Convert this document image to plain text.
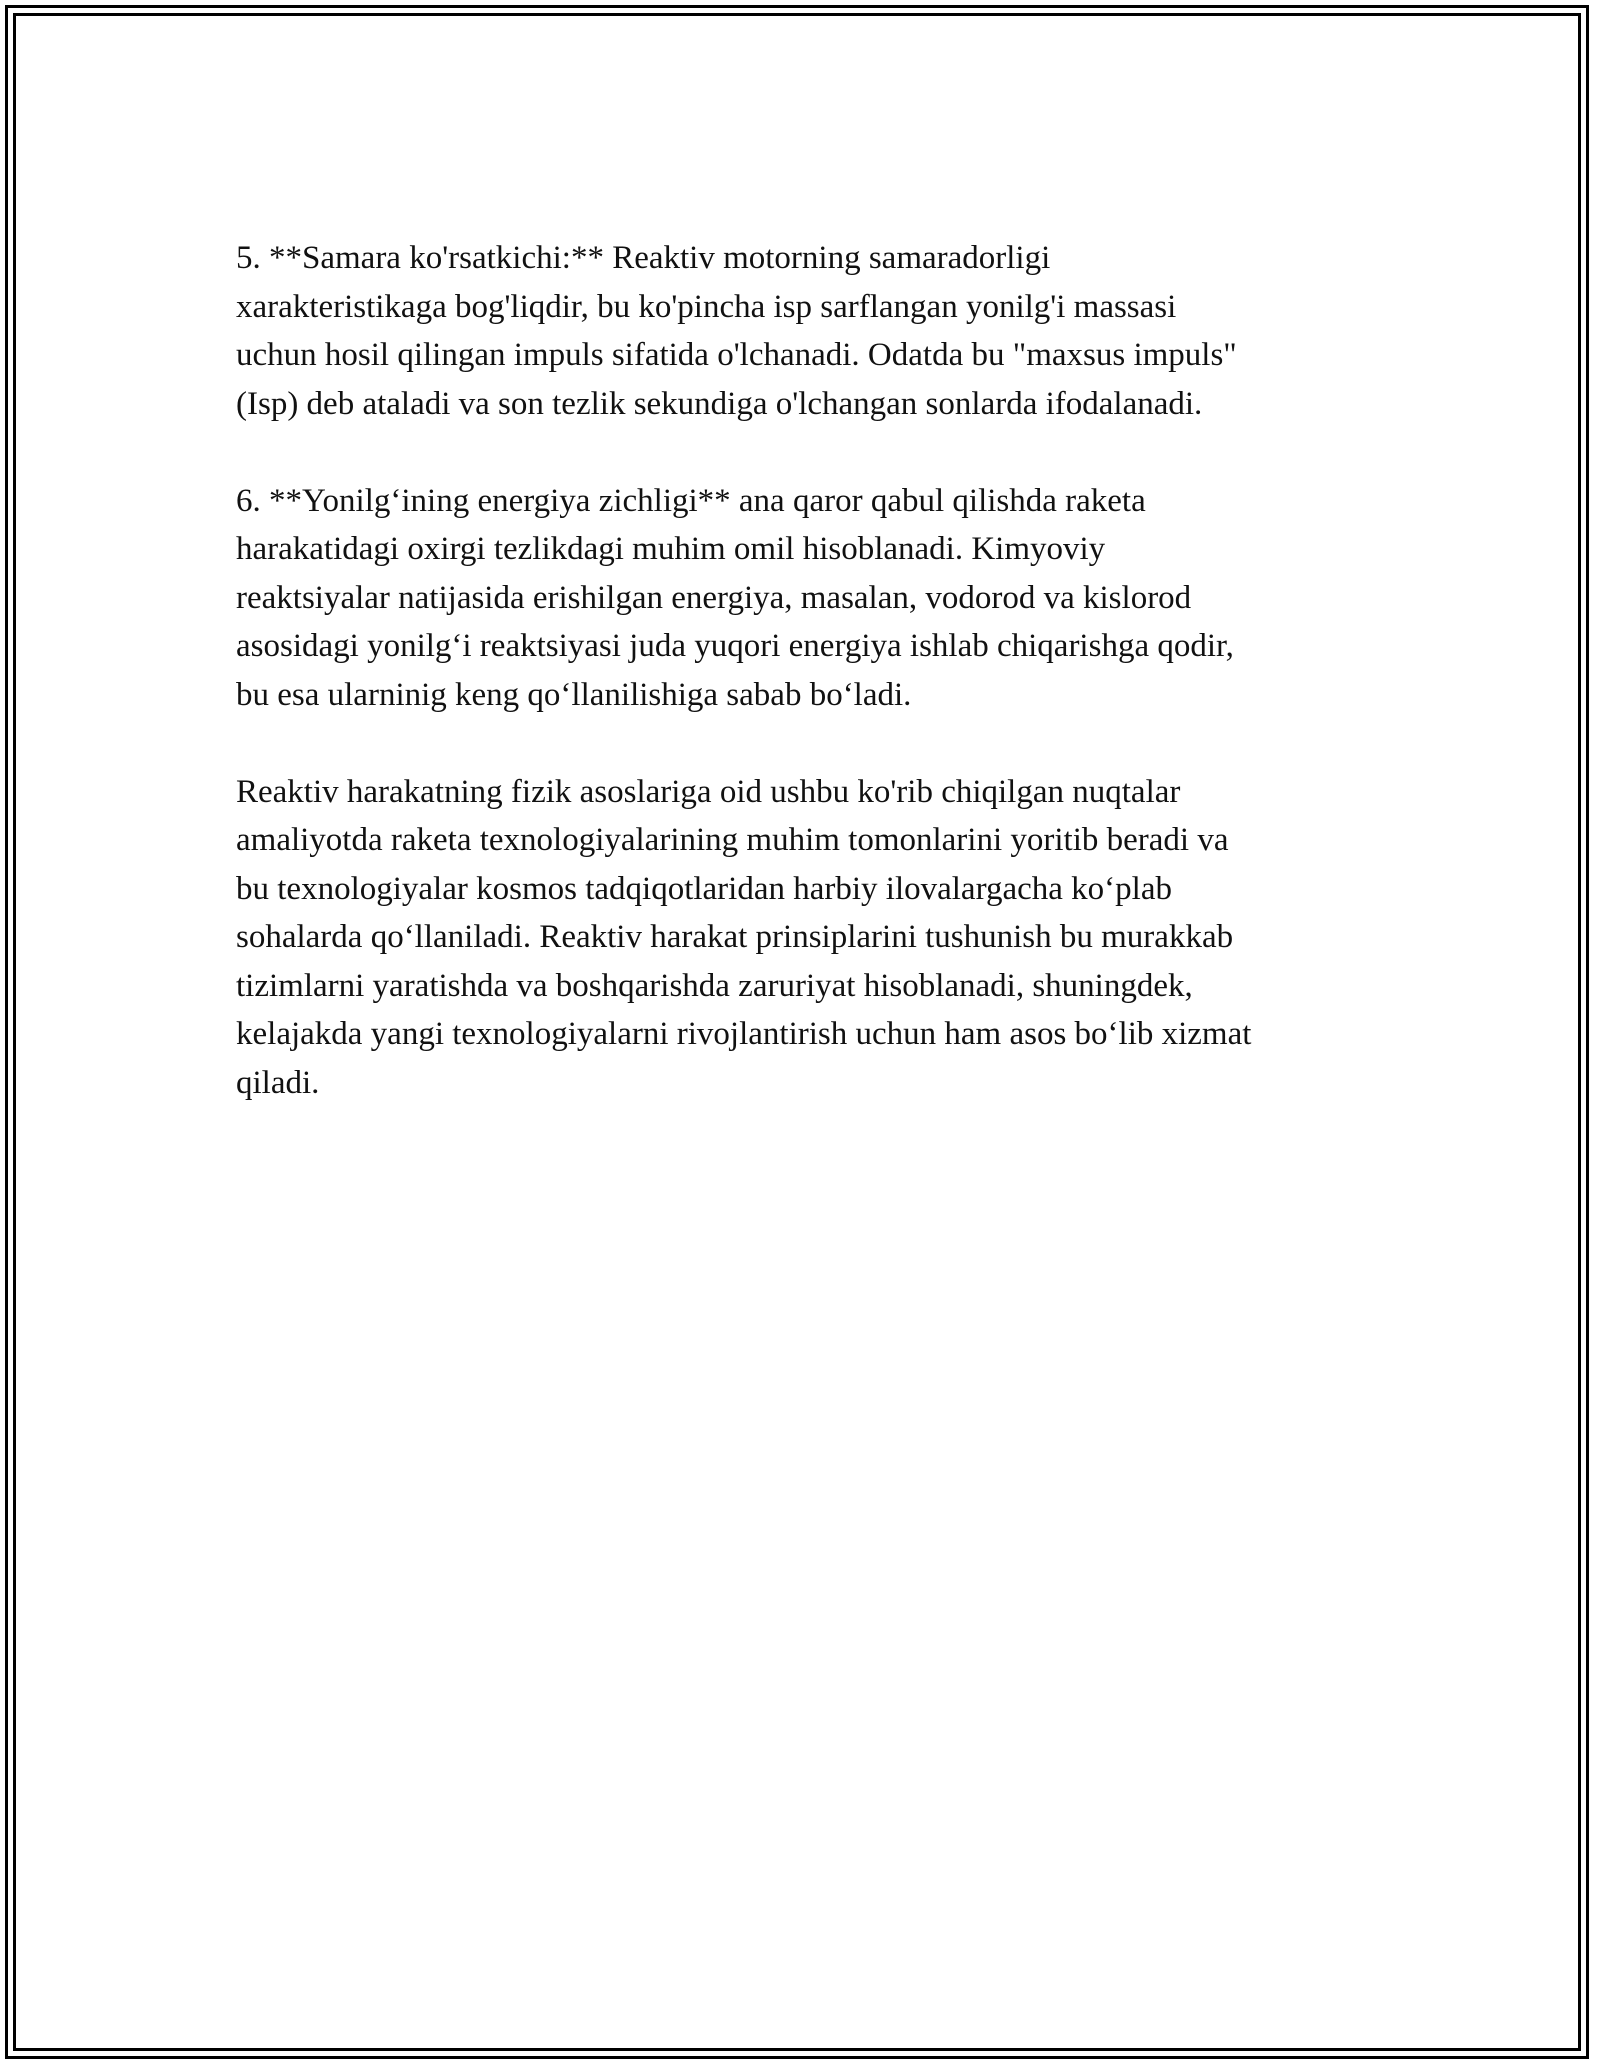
5. **Samara ko'rsatkichi:** Reaktiv motorning samaradorligi
xarakteristikaga bog'liqdir, bu ko'pincha isp sarflangan yonilg'i massasi
uchun hosil qilingan impuls sifatida o'lchanadi. Odatda bu "maxsus impuls"
(Isp) deb ataladi va son tezlik sekundiga o'lchangan sonlarda ifodalanadi.

6. **Yonilg‘ining energiya zichligi** ana qaror qabul qilishda raketa
harakatidagi oxirgi tezlikdagi muhim omil hisoblanadi. Kimyoviy
reaktsiyalar natijasida erishilgan energiya, masalan, vodorod va kislorod
asosidagi yonilg‘i reaktsiyasi juda yuqori energiya ishlab chiqarishga qodir,
bu esa ularninig keng qo‘llanilishiga sabab bo‘ladi.

Reaktiv harakatning fizik asoslariga oid ushbu ko'rib chiqilgan nuqtalar
amaliyotda raketa texnologiyalarining muhim tomonlarini yoritib beradi va
bu texnologiyalar kosmos tadqiqotlaridan harbiy ilovalargacha ko‘plab
sohalarda qo‘llaniladi. Reaktiv harakat prinsiplarini tushunish bu murakkab
tizimlarni yaratishda va boshqarishda zaruriyat hisoblanadi, shuningdek,
kelajakda yangi texnologiyalarni rivojlantirish uchun ham asos bo‘lib xizmat
qiladi.
